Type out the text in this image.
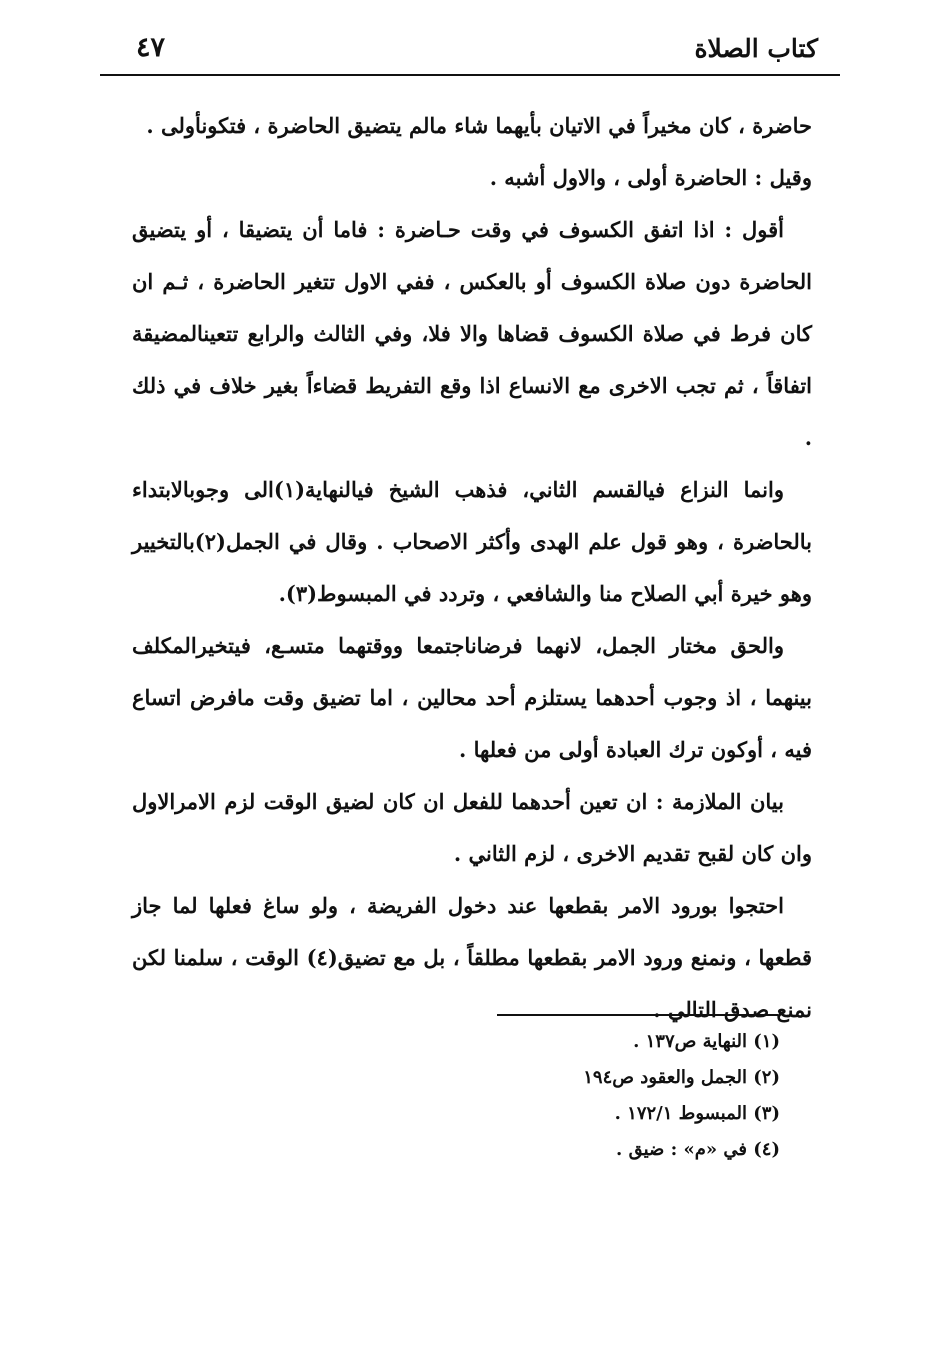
كتاب الصلاة
٤٧

حاضرة ، كان مخيراً في الاتيان بأيهما شاء مالم يتضيق الحاضرة ، فتكونأولى .

وقيل : الحاضرة أولى ، والاول أشبه .

أقول : اذا اتفق الكسوف في وقت حـاضرة : فاما أن يتضيقا ، أو يتضيق الحاضرة دون صلاة الكسوف أو بالعكس ، ففي الاول تتغير الحاضرة ، ثـم ان كان فرط في صلاة الكسوف قضاها والا فلا، وفي الثالث والرابع تتعينالمضيقة اتفاقاً ، ثم تجب الاخرى مع الانساع اذا وقع التفريط قضاءاً بغير خلاف في ذلك .

وانما النزاع فيالقسم الثاني، فذهب الشيخ فيالنهاية(١)الى وجوبالابتداء بالحاضرة ، وهو قول علم الهدى وأكثر الاصحاب . وقال في الجمل(٢)بالتخيير وهو خيرة أبي الصلاح منا والشافعي ، وتردد في المبسوط(٣).

والحق مختار الجمل، لانهما فرضاناجتمعا ووقتهما متسـع، فيتخيرالمكلف بينهما ، اذ وجوب أحدهما يستلزم أحد محالين ، اما تضيق وقت مافرض اتساع فيه ، أوكون ترك العبادة أولى من فعلها .

بيان الملازمة : ان تعين أحدهما للفعل ان كان لضيق الوقت لزم الامرالاول وان كان لقبح تقديم الاخرى ، لزم الثاني .

احتجوا بورود الامر بقطعها عند دخول الفريضة ، ولو ساغ فعلها لما جاز قطعها ، ونمنع ورود الامر بقطعها مطلقاً ، بل مع تضيق(٤) الوقت ، سلمنا لكن نمنع صدق التالي .

(١) النهاية ص١٣٧ .

(٢) الجمل والعقود ص١٩٤

(٣) المبسوط ١٧٢/١ .

(٤) في «م» : ضيق .
